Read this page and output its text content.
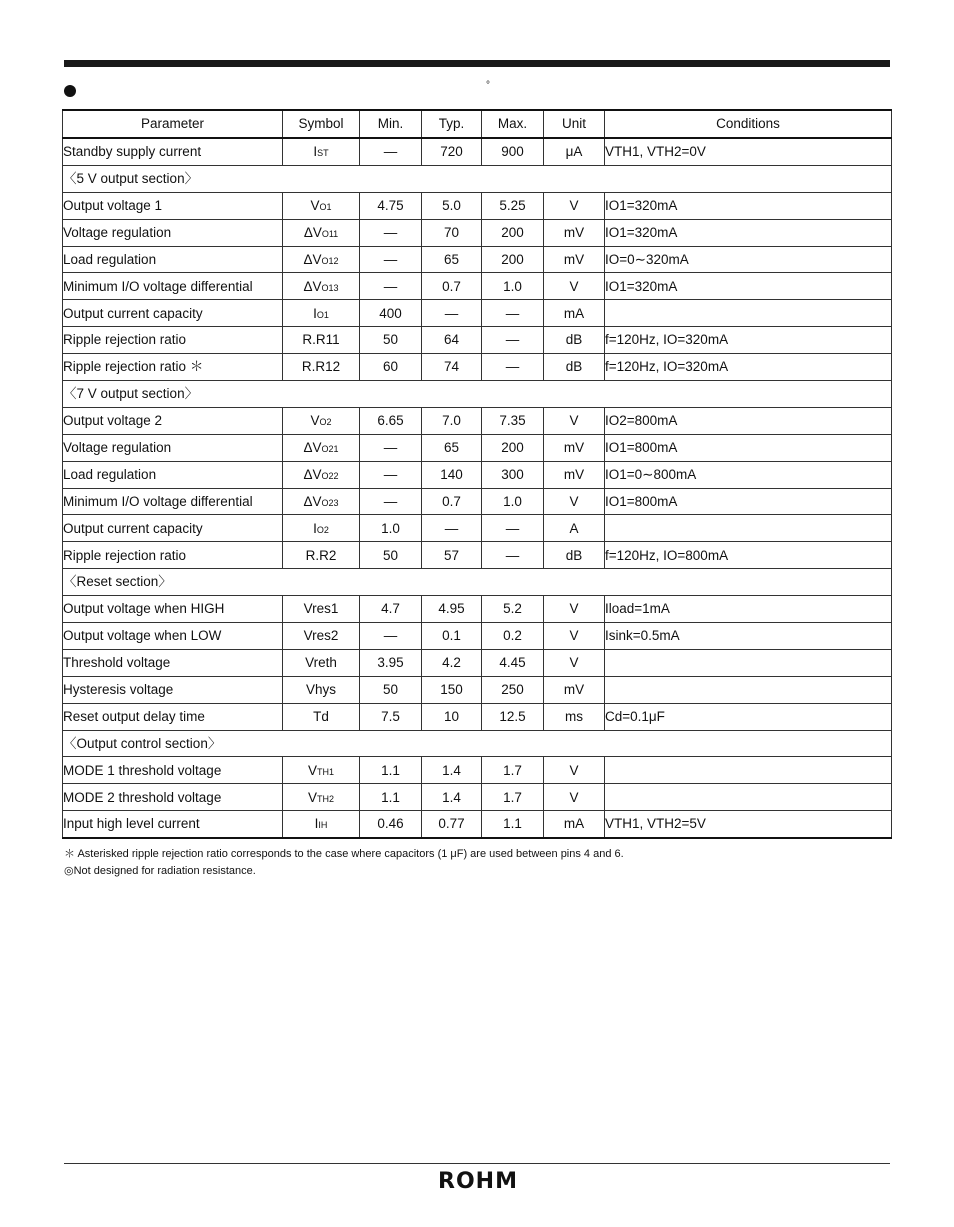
°
Parameter	Symbol	Min.	Typ.	Max.	Unit	Conditions
Standby supply current	IST	—	720	900	μA	VTH1, VTH2=0V
〈5 V output section〉						
Output voltage 1	VO1	4.75	5.0	5.25	V	IO1=320mA
Voltage regulation	ΔVO11	—	70	200	mV	IO1=320mA
Load regulation	ΔVO12	—	65	200	mV	IO=0∼320mA
Minimum I/O voltage differential	ΔVO13	—	0.7	1.0	V	IO1=320mA
Output current capacity	IO1	400	—	—	mA	
Ripple rejection ratio	R.R11	50	64	—	dB	f=120Hz, IO=320mA
Ripple rejection ratio ＊	R.R12	60	74	—	dB	f=120Hz, IO=320mA
〈7 V output section〉						
Output voltage 2	VO2	6.65	7.0	7.35	V	IO2=800mA
Voltage regulation	ΔVO21	—	65	200	mV	IO1=800mA
Load regulation	ΔVO22	—	140	300	mV	IO1=0∼800mA
Minimum I/O voltage differential	ΔVO23	—	0.7	1.0	V	IO1=800mA
Output current capacity	IO2	1.0	—	—	A	
Ripple rejection ratio	R.R2	50	57	—	dB	f=120Hz, IO=800mA
〈Reset section〉						
Output voltage when HIGH	Vres1	4.7	4.95	5.2	V	Iload=1mA
Output voltage when LOW	Vres2	—	0.1	0.2	V	Isink=0.5mA
Threshold voltage	Vreth	3.95	4.2	4.45	V	
Hysteresis voltage	Vhys	50	150	250	mV	
Reset output delay time	Td	7.5	10	12.5	ms	Cd=0.1μF
〈Output control section〉						
MODE 1 threshold voltage	VTH1	1.1	1.4	1.7	V	
MODE 2 threshold voltage	VTH2	1.1	1.4	1.7	V	
Input high level current	IIH	0.46	0.77	1.1	mA	VTH1, VTH2=5V
＊ Asterisked ripple rejection ratio corresponds to the case where capacitors (1 μF) are used between pins 4 and 6.
◎Not designed for radiation resistance.
ROHM
